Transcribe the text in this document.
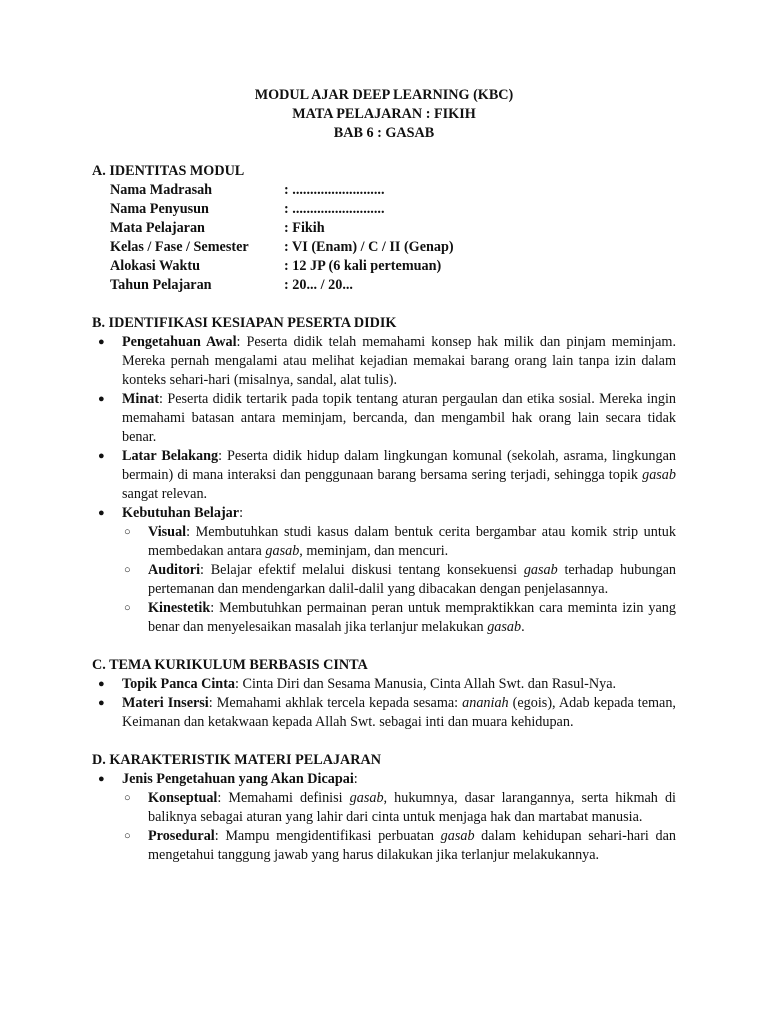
MODUL AJAR DEEP LEARNING (KBC)
MATA PELAJARAN : FIKIH
BAB 6 : GASAB
A. IDENTITAS MODUL
Nama Madrasah	: ..........................
Nama Penyusun	: ..........................
Mata Pelajaran	: Fikih
Kelas / Fase / Semester	: VI (Enam) / C / II (Genap)
Alokasi Waktu	: 12 JP (6 kali pertemuan)
Tahun Pelajaran	: 20... / 20...
B. IDENTIFIKASI KESIAPAN PESERTA DIDIK
● Pengetahuan Awal: Peserta didik telah memahami konsep hak milik dan pinjam meminjam. Mereka pernah mengalami atau melihat kejadian memakai barang orang lain tanpa izin dalam konteks sehari-hari (misalnya, sandal, alat tulis).
● Minat: Peserta didik tertarik pada topik tentang aturan pergaulan dan etika sosial. Mereka ingin memahami batasan antara meminjam, bercanda, dan mengambil hak orang lain secara tidak benar.
● Latar Belakang: Peserta didik hidup dalam lingkungan komunal (sekolah, asrama, lingkungan bermain) di mana interaksi dan penggunaan barang bersama sering terjadi, sehingga topik gasab sangat relevan.
● Kebutuhan Belajar:
○ Visual: Membutuhkan studi kasus dalam bentuk cerita bergambar atau komik strip untuk membedakan antara gasab, meminjam, dan mencuri.
○ Auditori: Belajar efektif melalui diskusi tentang konsekuensi gasab terhadap hubungan pertemanan dan mendengarkan dalil-dalil yang dibacakan dengan penjelasannya.
○ Kinestetik: Membutuhkan permainan peran untuk mempraktikkan cara meminta izin yang benar dan menyelesaikan masalah jika terlanjur melakukan gasab.
C. TEMA KURIKULUM BERBASIS CINTA
● Topik Panca Cinta: Cinta Diri dan Sesama Manusia, Cinta Allah Swt. dan Rasul-Nya.
● Materi Insersi: Memahami akhlak tercela kepada sesama: ananiah (egois), Adab kepada teman, Keimanan dan ketakwaan kepada Allah Swt. sebagai inti dan muara kehidupan.
D. KARAKTERISTIK MATERI PELAJARAN
● Jenis Pengetahuan yang Akan Dicapai:
○ Konseptual: Memahami definisi gasab, hukumnya, dasar larangannya, serta hikmah di baliknya sebagai aturan yang lahir dari cinta untuk menjaga hak dan martabat manusia.
○ Prosedural: Mampu mengidentifikasi perbuatan gasab dalam kehidupan sehari-hari dan mengetahui tanggung jawab yang harus dilakukan jika terlanjur melakukannya.
